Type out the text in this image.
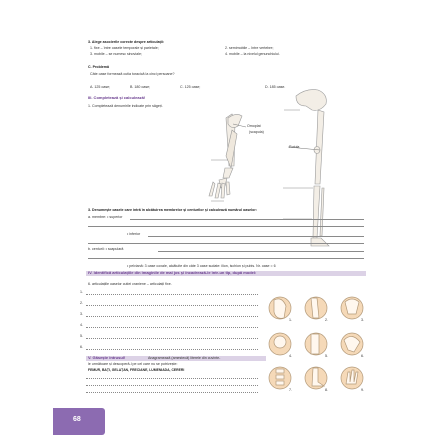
3. Alege asocierile corecte despre articulații:
1. fixe – între oasele temporale și parietale;	2. semimobile – între vertebre;
3. mobile – se numesc sinoviale;	4. mobile – la nivelul genunchiului.
C. Problemă
Câte oase formează cutia toracică la cinci persoane?
A. 125 oase;	B. 180 oase;	C. 125 oase;	D. 185 oase.
III. Completează și calculează!
1. Completează denumirile indicate prin săgeți.
Omoplat
(scapula)
Rotula
3. Denumește oasele care intră în alcătuirea membrelor și centurilor și calculează numărul oaselor:
a. membre: • superior
• inferior
b. centurii: • scapulară
• pelviană: 3 oase coxale, alcătuite din câte 3 oase sudate: ilion, ischion și pubis. Nr. oase = 6
IV. Identifică articulațiile din imaginile de mai jos și încadrează-le într-un tip, după model:
6. articulațiile oaselor cutiei craniene – articulații fixe.
1.
2.
3.
4.
5.
6.
1.	2.	3.
4.	5.	6.
7.	8.	9.
V. Găsește intrusul!	Anagramează (amestecă) literele din cuvinte-
le următoare și descoperă-l pe cel care nu se potrivește:
FEMUR, BAȚI, GELAȚAN, FRECIANE, LUMENIADA, CERERI
68
